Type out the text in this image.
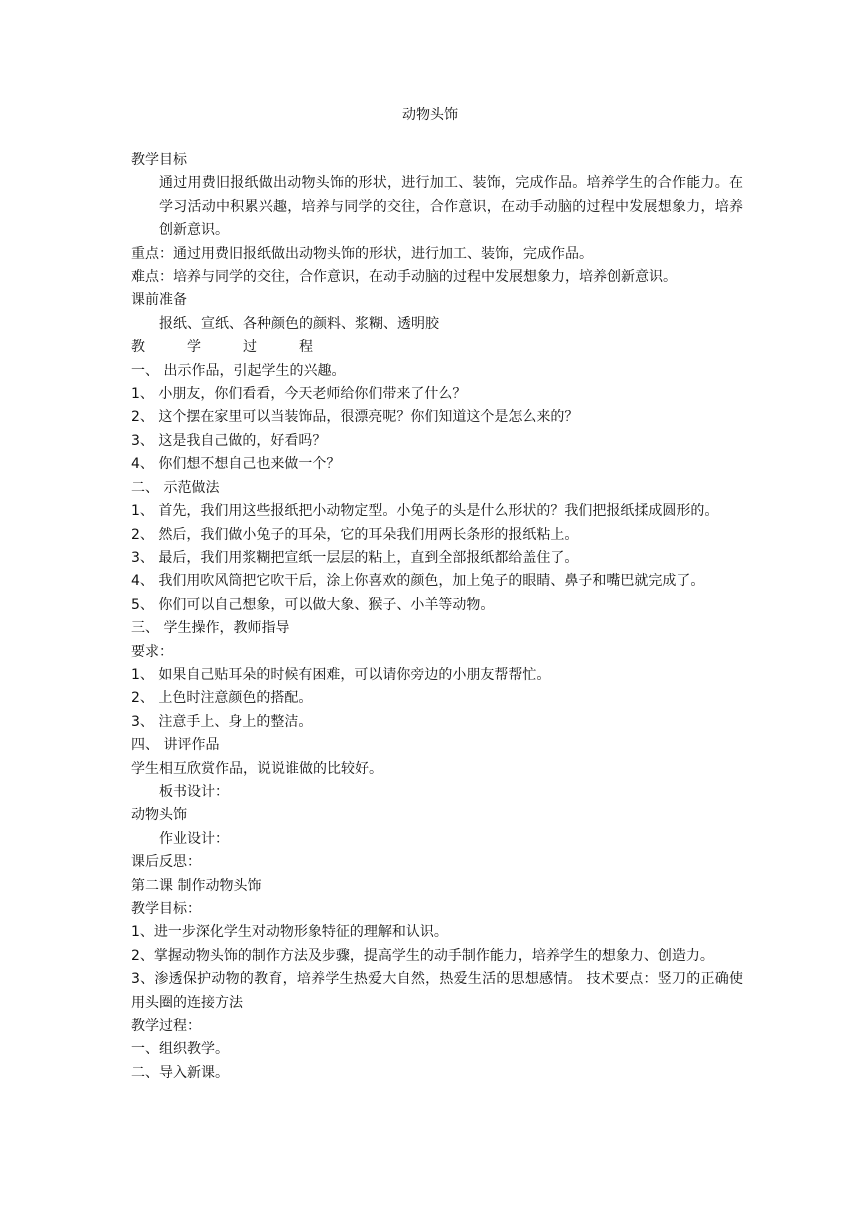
动物头饰
教学目标
通过用费旧报纸做出动物头饰的形状，进行加工、装饰，完成作品。培养学生的合作能力。在学习活动中积累兴趣，培养与同学的交往，合作意识，在动手动脑的过程中发展想象力，培养创新意识。
重点：通过用费旧报纸做出动物头饰的形状，进行加工、装饰，完成作品。
难点：培养与同学的交往，合作意识，在动手动脑的过程中发展想象力，培养创新意识。
课前准备
报纸、宣纸、各种颜色的颜料、浆糊、透明胶
教	学	过	程
一、 出示作品，引起学生的兴趣。
1、 小朋友，你们看看，今天老师给你们带来了什么？
2、 这个摆在家里可以当装饰品，很漂亮呢？你们知道这个是怎么来的？
3、 这是我自己做的，好看吗？
4、 你们想不想自己也来做一个？
二、 示范做法
1、 首先，我们用这些报纸把小动物定型。小兔子的头是什么形状的？我们把报纸揉成圆形的。
2、 然后，我们做小兔子的耳朵，它的耳朵我们用两长条形的报纸粘上。
3、 最后，我们用浆糊把宣纸一层层的粘上，直到全部报纸都给盖住了。
4、 我们用吹风筒把它吹干后，涂上你喜欢的颜色，加上兔子的眼睛、鼻子和嘴巴就完成了。
5、 你们可以自己想象，可以做大象、猴子、小羊等动物。
三、 学生操作，教师指导
要求：
1、 如果自己贴耳朵的时候有困难，可以请你旁边的小朋友帮帮忙。
2、 上色时注意颜色的搭配。
3、 注意手上、身上的整洁。
四、 讲评作品
学生相互欣赏作品，说说谁做的比较好。
板书设计：
动物头饰
作业设计：
课后反思：
第二课 制作动物头饰
教学目标：
1、进一步深化学生对动物形象特征的理解和认识。
2、掌握动物头饰的制作方法及步骤，提高学生的动手制作能力，培养学生的想象力、创造力。
3、渗透保护动物的教育，培养学生热爱大自然，热爱生活的思想感情。 技术要点：竖刀的正确使用头圈的连接方法
教学过程：
一、组织教学。
二、导入新课。
